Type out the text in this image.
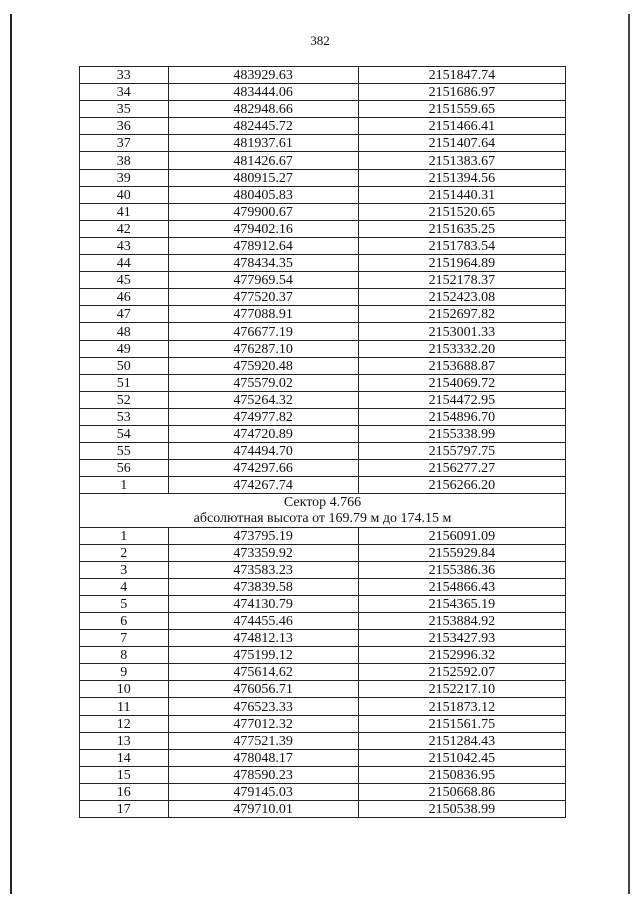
382
33	483929.63	2151847.74
34	483444.06	2151686.97
35	482948.66	2151559.65
36	482445.72	2151466.41
37	481937.61	2151407.64
38	481426.67	2151383.67
39	480915.27	2151394.56
40	480405.83	2151440.31
41	479900.67	2151520.65
42	479402.16	2151635.25
43	478912.64	2151783.54
44	478434.35	2151964.89
45	477969.54	2152178.37
46	477520.37	2152423.08
47	477088.91	2152697.82
48	476677.19	2153001.33
49	476287.10	2153332.20
50	475920.48	2153688.87
51	475579.02	2154069.72
52	475264.32	2154472.95
53	474977.82	2154896.70
54	474720.89	2155338.99
55	474494.70	2155797.75
56	474297.66	2156277.27
1	474267.74	2156266.20
Сектор 4.766		
абсолютная высота от 169.79 м до 174.15 м		
1	473795.19	2156091.09
2	473359.92	2155929.84
3	473583.23	2155386.36
4	473839.58	2154866.43
5	474130.79	2154365.19
6	474455.46	2153884.92
7	474812.13	2153427.93
8	475199.12	2152996.32
9	475614.62	2152592.07
10	476056.71	2152217.10
11	476523.33	2151873.12
12	477012.32	2151561.75
13	477521.39	2151284.43
14	478048.17	2151042.45
15	478590.23	2150836.95
16	479145.03	2150668.86
17	479710.01	2150538.99
